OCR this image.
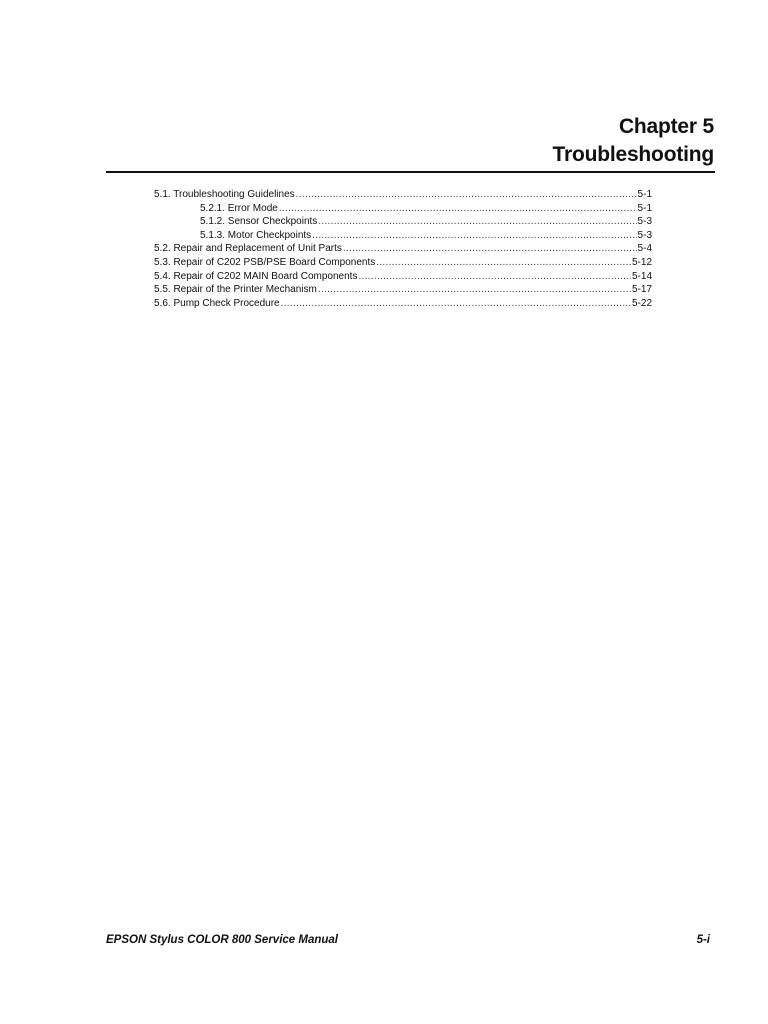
Chapter 5
Troubleshooting
5.1. Troubleshooting Guidelines .....	5-1
5.2.1. Error Mode .....	5-1
5.1.2. Sensor Checkpoints .....	5-3
5.1.3. Motor Checkpoints .....	5-3
5.2. Repair and Replacement of Unit Parts .....	5-4
5.3. Repair of C202 PSB/PSE Board Components .....	5-12
5.4. Repair of C202 MAIN Board Components .....	5-14
5.5. Repair of the Printer Mechanism .....	5-17
5.6. Pump Check Procedure .....	5-22
EPSON Stylus COLOR 800 Service Manual	5-i
